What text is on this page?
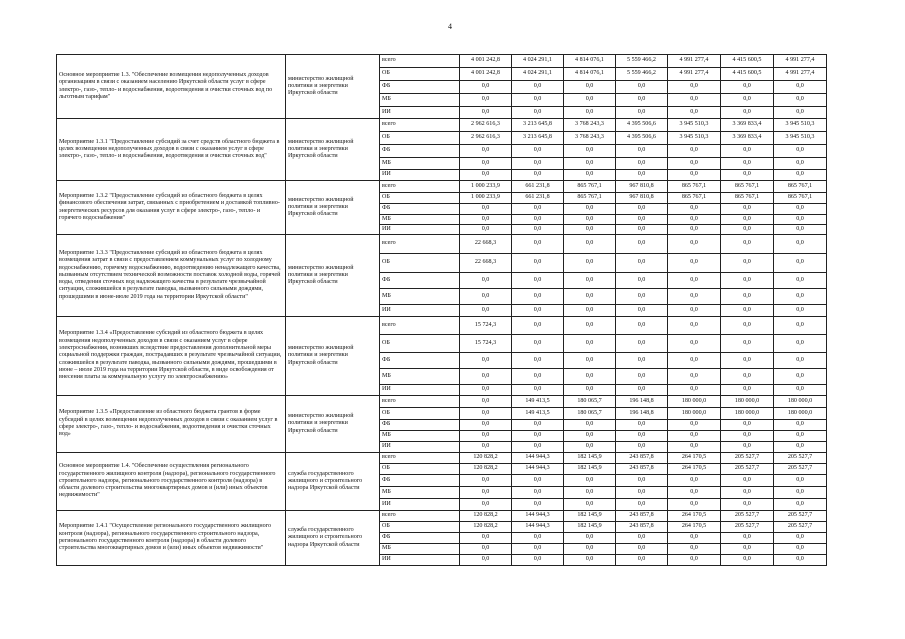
4
Основное мероприятие 1.3. "Обеспечение возмещения недополученных доходов организациям в связи с оказанием населению Иркутской области услуг в сфере электро-, газо-, тепло- и водоснабжения, водоотведения и очистки сточных вод по льготным тарифам"	министерство жилищной политики и энергетики Иркутской области	всего	4 001 242,8	4 024 291,1	4 814 076,1	5 559 466,2	4 991 277,4	4 415 600,5	4 991 277,4
		ОБ	4 001 242,8	4 024 291,1	4 814 076,1	5 559 466,2	4 991 277,4	4 415 600,5	4 991 277,4
		ФБ	0,0	0,0	0,0	0,0	0,0	0,0	0,0
		МБ	0,0	0,0	0,0	0,0	0,0	0,0	0,0
		ИИ	0,0	0,0	0,0	0,0	0,0	0,0	0,0
Мероприятие 1.3.1 "Предоставление субсидий за счет средств областного бюджета в целях возмещения недополученных доходов в связи с оказанием услуг в сфере электро-, газо-, тепло- и водоснабжения, водоотведения и очистки сточных вод"	министерство жилищной политики и энергетики Иркутской области	всего	2 962 616,3	3 213 645,8	3 768 243,3	4 395 506,6	3 945 510,3	3 369 833,4	3 945 510,3
		ОБ	2 962 616,3	3 213 645,8	3 768 243,3	4 395 506,6	3 945 510,3	3 369 833,4	3 945 510,3
		ФБ	0,0	0,0	0,0	0,0	0,0	0,0	0,0
		МБ	0,0	0,0	0,0	0,0	0,0	0,0	0,0
		ИИ	0,0	0,0	0,0	0,0	0,0	0,0	0,0
Мероприятие 1.3.2 "Предоставление субсидий из областного бюджета в целях финансового обеспечения затрат, связанных с приобретением и доставкой топливно-энергетических ресурсов для оказания услуг в сфере электро-, газо-, тепло- и горячего водоснабжения"	министерство жилищной политики и энергетики Иркутской области	всего	1 000 233,9	661 231,8	865 767,1	967 810,8	865 767,1	865 767,1	865 767,1
		ОБ	1 000 233,9	661 231,8	865 767,1	967 810,8	865 767,1	865 767,1	865 767,1
		ФБ	0,0	0,0	0,0	0,0	0,0	0,0	0,0
		МБ	0,0	0,0	0,0	0,0	0,0	0,0	0,0
		ИИ	0,0	0,0	0,0	0,0	0,0	0,0	0,0
Мероприятие 1.3.3 "Предоставление субсидий из областного бюджета в целях возмещения затрат в связи с предоставлением коммунальных услуг по холодному водоснабжению, горячему водоснабжению, водоотведению ненадлежащего качества, вызванным отсутствием технической возможности поставок холодной воды, горячей воды, отведения сточных вод надлежащего качества в результате чрезвычайной ситуации, сложившейся в результате паводка, вызванного сильными дождями, прошедшими в июне-июле 2019 года на территории Иркутской области"	министерство жилищной политики и энергетики Иркутской области	всего	22 668,3	0,0	0,0	0,0	0,0	0,0	0,0
		ОБ	22 668,3	0,0	0,0	0,0	0,0	0,0	0,0
		ФБ	0,0	0,0	0,0	0,0	0,0	0,0	0,0
		МБ	0,0	0,0	0,0	0,0	0,0	0,0	0,0
		ИИ	0,0	0,0	0,0	0,0	0,0	0,0	0,0
Мероприятие 1.3.4 «Предоставление субсидий из областного бюджета в целях возмещения недополученных доходов в связи с оказанием услуг в сфере электроснабжения, возникших вследствие предоставления дополнительной меры социальной поддержки граждан, пострадавших в результате чрезвычайной ситуации, сложившейся в результате паводка, вызванного сильными дождями, прошедшими в июне – июле 2019 года на территории Иркутской области, в виде освобождения от внесения платы за коммунальную услугу по электроснабжению»	министерство жилищной политики и энергетики Иркутской области	всего	15 724,3	0,0	0,0	0,0	0,0	0,0	0,0
		ОБ	15 724,3	0,0	0,0	0,0	0,0	0,0	0,0
		ФБ	0,0	0,0	0,0	0,0	0,0	0,0	0,0
		МБ	0,0	0,0	0,0	0,0	0,0	0,0	0,0
		ИИ	0,0	0,0	0,0	0,0	0,0	0,0	0,0
Мероприятие 1.3.5 «Предоставление из областного бюджета грантов в форме субсидий в целях возмещения недополученных доходов в связи с оказанием услуг в сфере электро-, газо-, тепло- и водоснабжения, водоотведения и очистки сточных вод»	министерство жилищной политики и энергетики Иркутской области	всего	0,0	149 413,5	180 065,7	196 148,8	180 000,0	180 000,0	180 000,0
		ОБ	0,0	149 413,5	180 065,7	196 148,8	180 000,0	180 000,0	180 000,0
		ФБ	0,0	0,0	0,0	0,0	0,0	0,0	0,0
		МБ	0,0	0,0	0,0	0,0	0,0	0,0	0,0
		ИИ	0,0	0,0	0,0	0,0	0,0	0,0	0,0
Основное мероприятие 1.4. "Обеспечение осуществления регионального государственного жилищного контроля (надзора), регионального государственного строительного надзора, регионального государственного контроля (надзора) в области долевого строительства многоквартирных домов и (или) иных объектов недвижимости"	служба государственного жилищного и строительного надзора Иркутской области	всего	120 828,2	144 944,3	182 145,9	243 857,8	264 170,5	205 527,7	205 527,7
		ОБ	120 828,2	144 944,3	182 145,9	243 857,8	264 170,5	205 527,7	205 527,7
		ФБ	0,0	0,0	0,0	0,0	0,0	0,0	0,0
		МБ	0,0	0,0	0,0	0,0	0,0	0,0	0,0
		ИИ	0,0	0,0	0,0	0,0	0,0	0,0	0,0
Мероприятие 1.4.1 "Осуществление регионального государственного жилищного контроля (надзора), регионального государственного строительного надзора, регионального государственного контроля (надзора) в области долевого строительства многоквартирных домов и (или) иных объектов недвижимости"	служба государственного жилищного и строительного надзора Иркутской области	всего	120 828,2	144 944,3	182 145,9	243 857,8	264 170,5	205 527,7	205 527,7
		ОБ	120 828,2	144 944,3	182 145,9	243 857,8	264 170,5	205 527,7	205 527,7
		ФБ	0,0	0,0	0,0	0,0	0,0	0,0	0,0
		МБ	0,0	0,0	0,0	0,0	0,0	0,0	0,0
		ИИ	0,0	0,0	0,0	0,0	0,0	0,0	0,0
